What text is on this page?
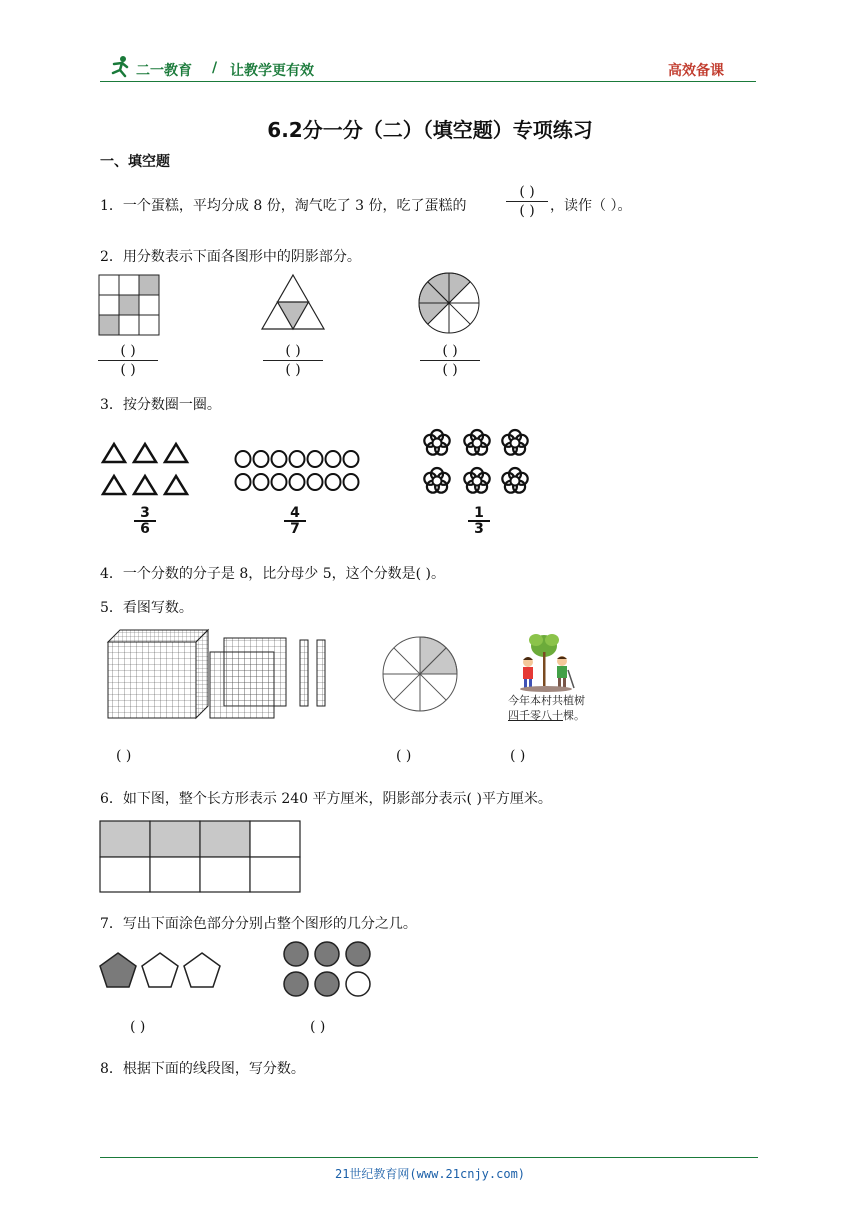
二一教育 / 让教学更有效	高效备课
6.2分一分（二）（填空题）专项练习
一、填空题
1．一个蛋糕，平均分成 8 份，淘气吃了 3 份，吃了蛋糕的
( )
( )	，读作（ ）。
2．用分数表示下面各图形中的阴影部分。
( )
( )
( )
( )
( )
( )
3．按分数圈一圈。
3
6
4
7
1
3
4．一个分数的分子是 8，比分母少 5，这个分数是( )。
5．看图写数。
今年本村共植树
四千零八十棵。
( )	( )	( )
6．如下图，整个长方形表示 240 平方厘米，阴影部分表示( )平方厘米。
7．写出下面涂色部分分别占整个图形的几分之几。
( )	( )
8．根据下面的线段图，写分数。
21世纪教育网(www.21cnjy.com)
